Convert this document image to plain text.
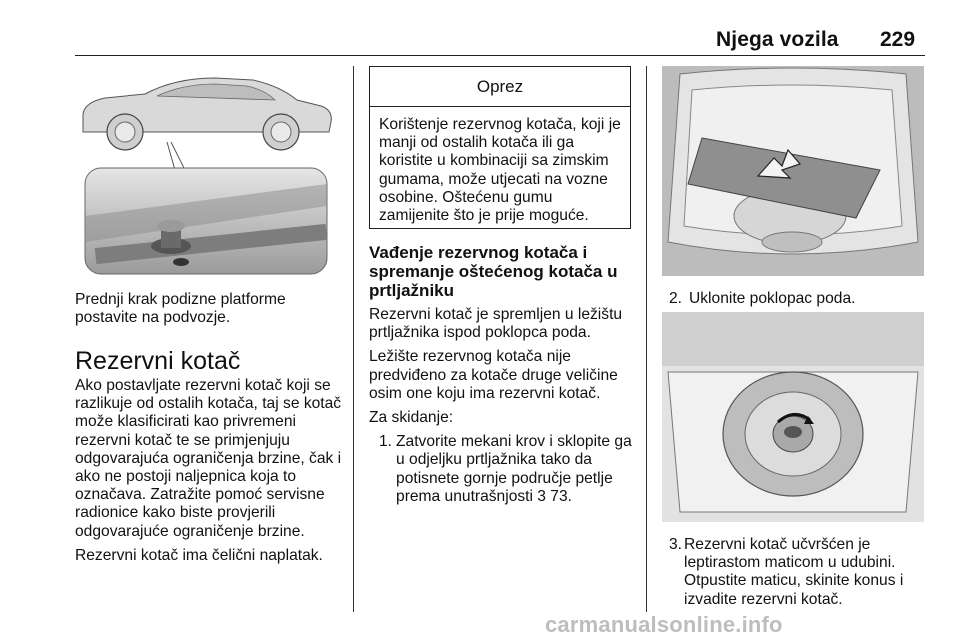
Njega vozila 229
Prednji krak podizne platforme postavite na podvozje.
Rezervni kotač
Ako postavljate rezervni kotač koji se razlikuje od ostalih kotača, taj se kotač može klasificirati kao privremeni rezervni kotač te se primjenjuju odgovarajuća ograničenja brzine, čak i ako ne postoji naljepnica koja to označava. Zatražite pomoć servisne radionice kako biste provjerili odgovarajuće ograničenje brzine.
Rezervni kotač ima čelični naplatak.
Oprez
Korištenje rezervnog kotača, koji je manji od ostalih kotača ili ga koristite u kombinaciji sa zimskim gumama, može utjecati na vozne osobine. Oštećenu gumu zamijenite što je prije moguće.
Vađenje rezervnog kotača i spremanje oštećenog kotača u prtljažniku
Rezervni kotač je spremljen u ležištu prtljažnika ispod poklopca poda.
Ležište rezervnog kotača nije predviđeno za kotače druge veličine osim one koju ima rezervni kotač.
Za skidanje:
1. Zatvorite mekani krov i sklopite ga u odjeljku prtljažnika tako da potisnete gornje područje petlje prema unutrašnjosti 3 73.
2. Uklonite poklopac poda.
3. Rezervni kotač učvršćen je leptirastom maticom u udubini. Otpustite maticu, skinite konus i izvadite rezervni kotač.
carmanualsonline.info
